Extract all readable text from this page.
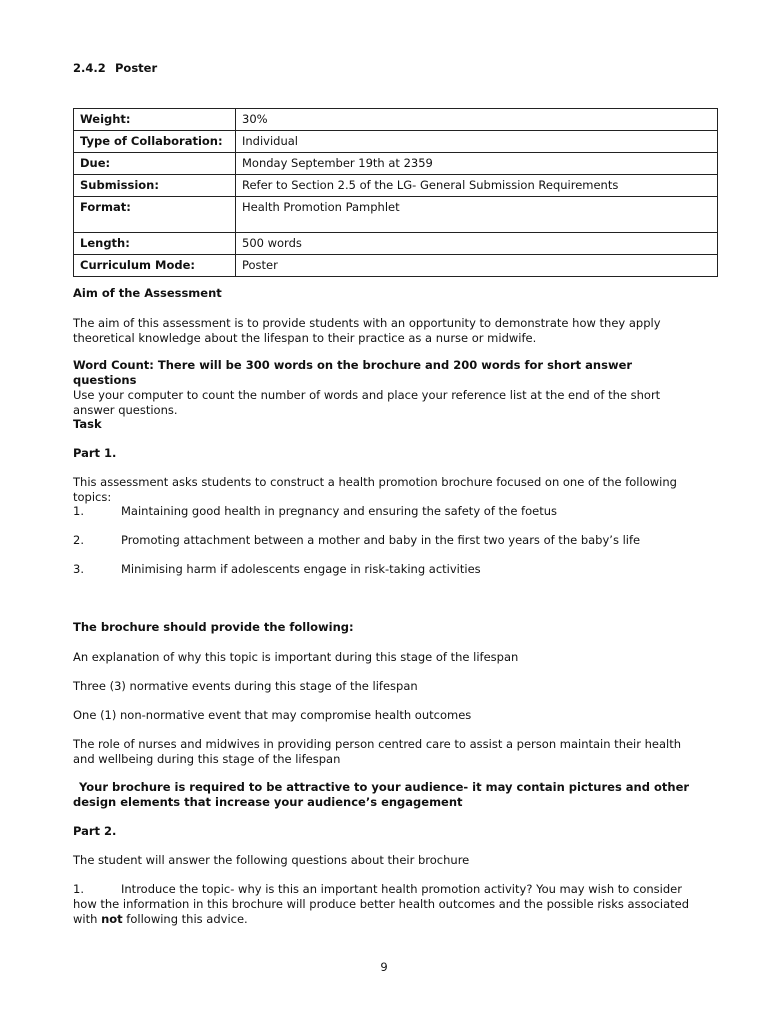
2.4.2 Poster
Weight:	30%
Type of Collaboration:	Individual
Due:	Monday September 19th at 2359
Submission:	Refer to Section 2.5 of the LG- General Submission Requirements
Format:	Health Promotion Pamphlet
Length:	500 words
Curriculum Mode:	Poster
Aim of the Assessment
The aim of this assessment is to provide students with an opportunity to demonstrate how they apply theoretical knowledge about the lifespan to their practice as a nurse or midwife.
Word Count: There will be 300 words on the brochure and 200 words for short answer questions
Use your computer to count the number of words and place your reference list at the end of the short answer questions.
Task
Part 1.
This assessment asks students to construct a health promotion brochure focused on one of the following topics:
1.	Maintaining good health in pregnancy and ensuring the safety of the foetus
2.	Promoting attachment between a mother and baby in the first two years of the baby’s life
3.	Minimising harm if adolescents engage in risk-taking activities
The brochure should provide the following:
An explanation of why this topic is important during this stage of the lifespan
Three (3) normative events during this stage of the lifespan
One (1) non-normative event that may compromise health outcomes
The role of nurses and midwives in providing person centred care to assist a person maintain their health and wellbeing during this stage of the lifespan
Your brochure is required to be attractive to your audience- it may contain pictures and other design elements that increase your audience’s engagement
Part 2.
The student will answer the following questions about their brochure
1.	Introduce the topic- why is this an important health promotion activity? You may wish to consider how the information in this brochure will produce better health outcomes and the possible risks associated with not following this advice.
9
